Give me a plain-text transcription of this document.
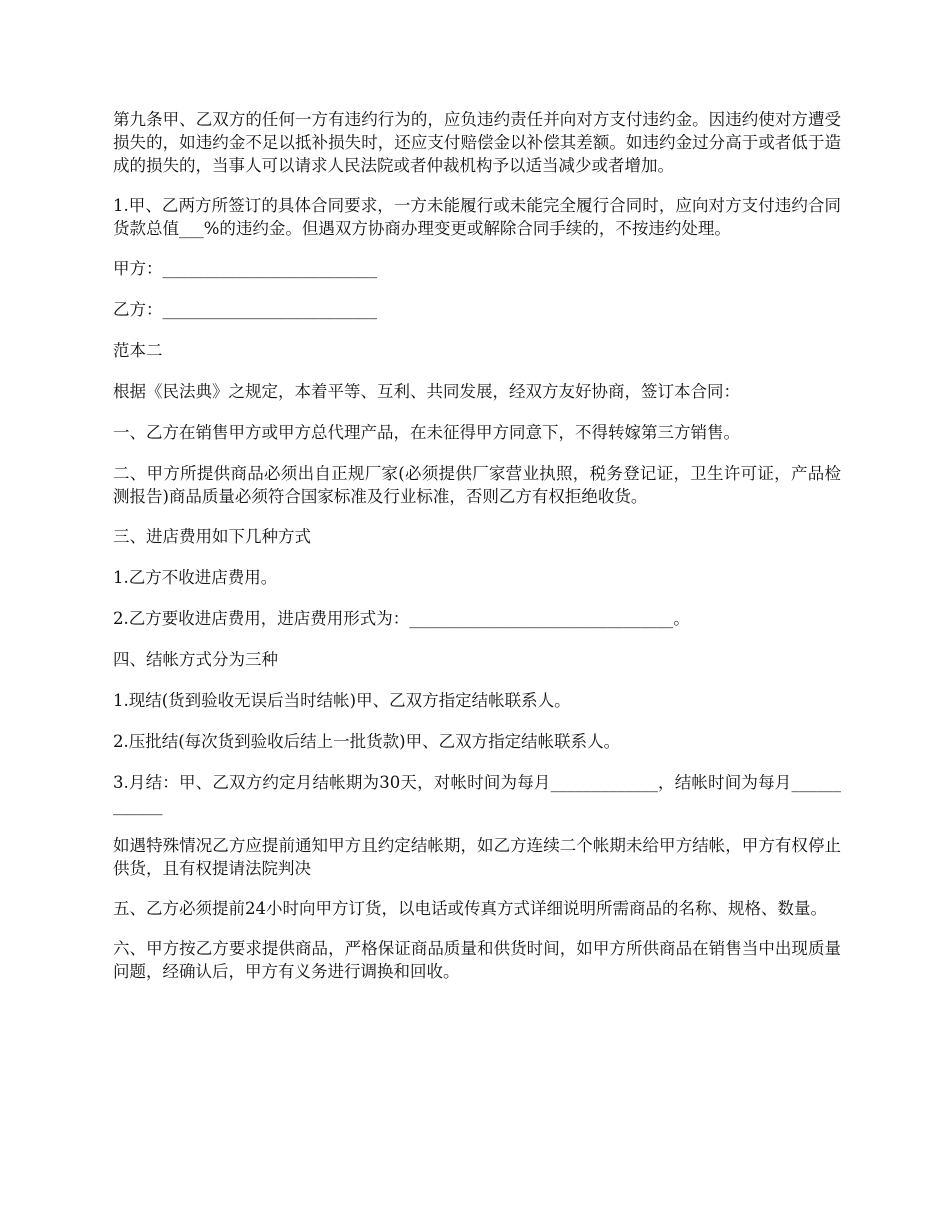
第九条甲、乙双方的任何一方有违约行为的，应负违约责任并向对方支付违约金。因违约使对方遭受损失的，如违约金不足以抵补损失时，还应支付赔偿金以补偿其差额。如违约金过分高于或者低于造成的损失的，当事人可以请求人民法院或者仲裁机构予以适当减少或者增加。

1.甲、乙两方所签订的具体合同要求，一方未能履行或未能完全履行合同时，应向对方支付违约合同货款总值___%的违约金。但遇双方协商办理变更或解除合同手续的，不按违约处理。

甲方：__________________________

乙方：__________________________

范本二

根据《民法典》之规定，本着平等、互利、共同发展，经双方友好协商，签订本合同：

一、乙方在销售甲方或甲方总代理产品，在未征得甲方同意下，不得转嫁第三方销售。

二、甲方所提供商品必须出自正规厂家(必须提供厂家营业执照，税务登记证，卫生许可证，产品检测报告)商品质量必须符合国家标准及行业标准，否则乙方有权拒绝收货。

三、进店费用如下几种方式

1.乙方不收进店费用。

2.乙方要收进店费用，进店费用形式为：________________________________。

四、结帐方式分为三种

1.现结(货到验收无误后当时结帐)甲、乙双方指定结帐联系人。

2.压批结(每次货到验收后结上一批货款)甲、乙双方指定结帐联系人。

3.月结：甲、乙双方约定月结帐期为30天，对帐时间为每月_____________，结帐时间为每月____________

如遇特殊情况乙方应提前通知甲方且约定结帐期，如乙方连续二个帐期未给甲方结帐，甲方有权停止供货，且有权提请法院判决

五、乙方必须提前24小时向甲方订货，以电话或传真方式详细说明所需商品的名称、规格、数量。

六、甲方按乙方要求提供商品，严格保证商品质量和供货时间，如甲方所供商品在销售当中出现质量问题，经确认后，甲方有义务进行调换和回收。
